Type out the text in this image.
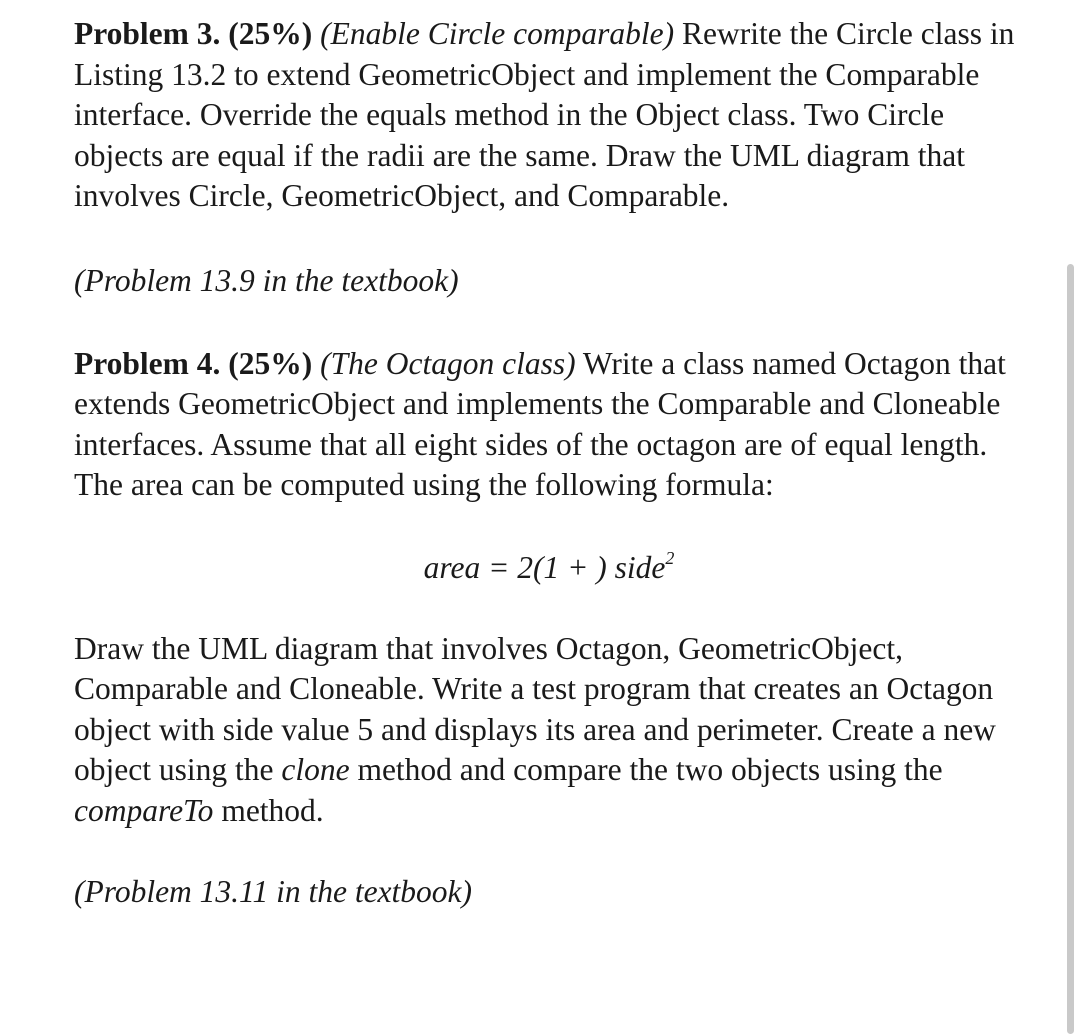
Problem 3. (25%) (Enable Circle comparable) Rewrite the Circle class in Listing 13.2 to extend GeometricObject and implement the Comparable interface. Override the equals method in the Object class. Two Circle objects are equal if the radii are the same. Draw the UML diagram that involves Circle, GeometricObject, and Comparable.

(Problem 13.9 in the textbook)

Problem 4. (25%) (The Octagon class) Write a class named Octagon that extends GeometricObject and implements the Comparable and Cloneable interfaces. Assume that all eight sides of the octagon are of equal length. The area can be computed using the following formula:

area = 2(1 + ) side$^2$

Draw the UML diagram that involves Octagon, GeometricObject, Comparable and Cloneable. Write a test program that creates an Octagon object with side value 5 and displays its area and perimeter. Create a new object using the clone method and compare the two objects using the compareTo method.

(Problem 13.11 in the textbook)
